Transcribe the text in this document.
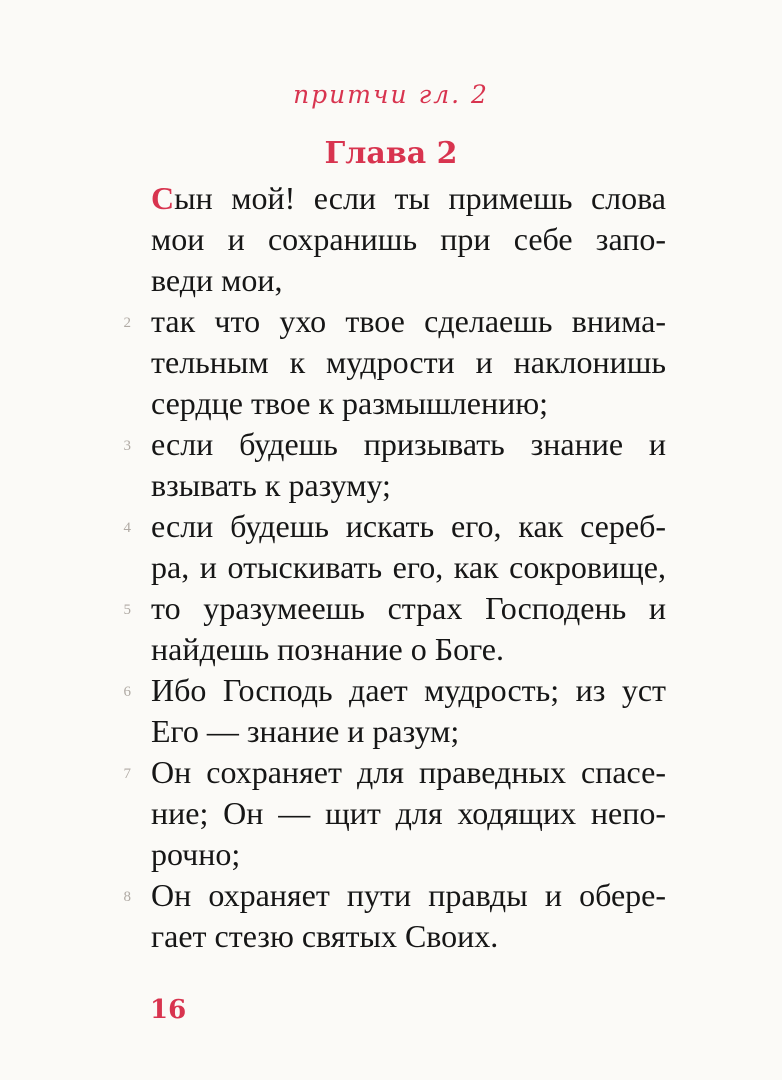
притчи гл. 2
Глава 2
Сын мой! если ты примешь слова
мои и сохранишь при себе запо-
веди мои,
2 так что ухо твое сделаешь внима-
тельным к мудрости и наклонишь
сердце твое к размышлению;
3 если будешь призывать знание и
взывать к разуму;
4 если будешь искать его, как сереб-
ра, и отыскивать его, как сокровище,
5 то уразумеешь страх Господень и
найдешь познание о Боге.
6 Ибо Господь дает мудрость; из уст
Его — знание и разум;
7 Он сохраняет для праведных спасе-
ние; Он — щит для ходящих непо-
рочно;
8 Он охраняет пути правды и обере-
гает стезю святых Своих.
16
